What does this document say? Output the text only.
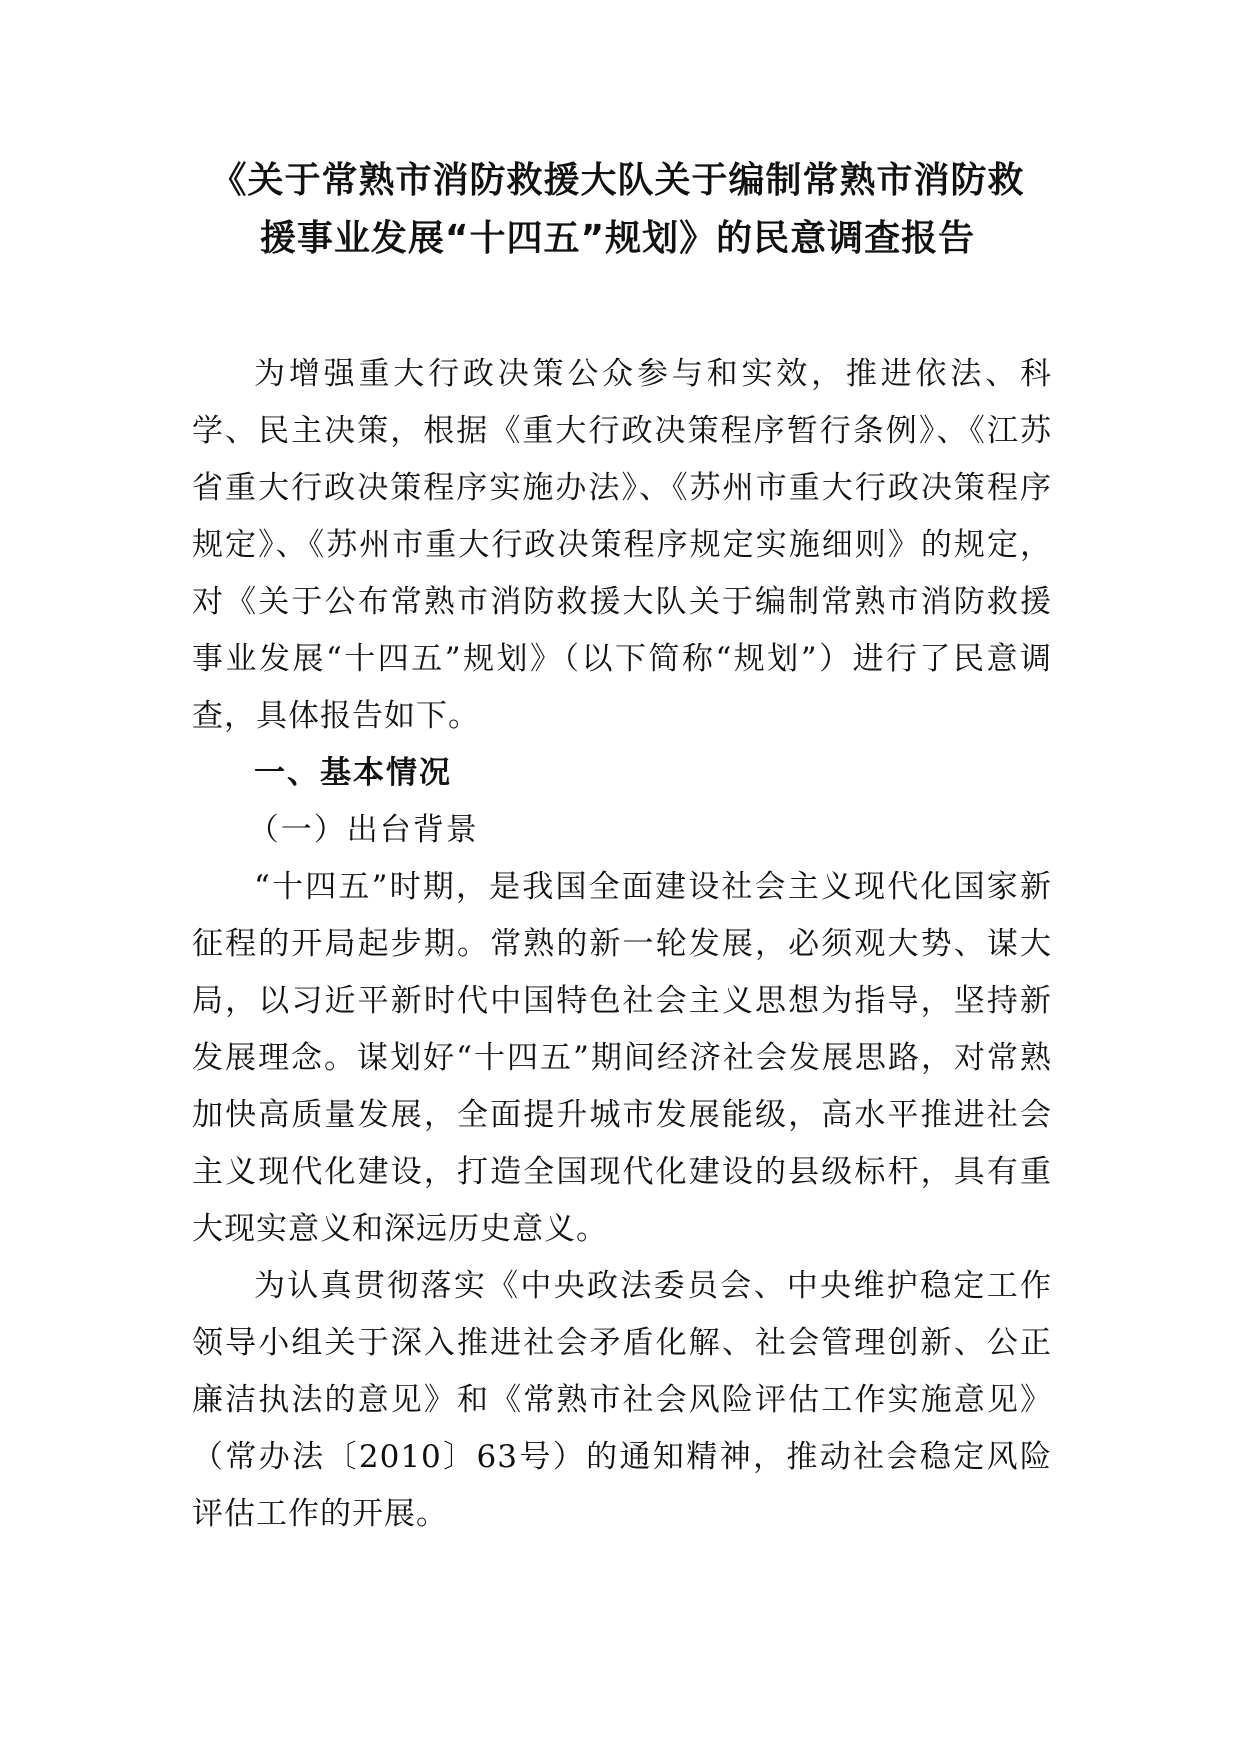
《关于常熟市消防救援大队关于编制常熟市消防救
援事业发展“十四五”规划》的民意调查报告

为增强重大行政决策公众参与和实效，推进依法、科学、民主决策，根据《重大行政决策程序暂行条例》、《江苏省重大行政决策程序实施办法》、《苏州市重大行政决策程序规定》、《苏州市重大行政决策程序规定实施细则》的规定，对《关于公布常熟市消防救援大队关于编制常熟市消防救援事业发展“十四五”规划》（以下简称“规划”）进行了民意调查，具体报告如下。

一、基本情况

（一）出台背景

“十四五”时期，是我国全面建设社会主义现代化国家新征程的开局起步期。常熟的新一轮发展，必须观大势、谋大局，以习近平新时代中国特色社会主义思想为指导，坚持新发展理念。谋划好“十四五”期间经济社会发展思路，对常熟加快高质量发展，全面提升城市发展能级，高水平推进社会主义现代化建设，打造全国现代化建设的县级标杆，具有重大现实意义和深远历史意义。

为认真贯彻落实《中央政法委员会、中央维护稳定工作领导小组关于深入推进社会矛盾化解、社会管理创新、公正廉洁执法的意见》和《常熟市社会风险评估工作实施意见》（常办法〔2010〕63号）的通知精神，推动社会稳定风险评估工作的开展。
